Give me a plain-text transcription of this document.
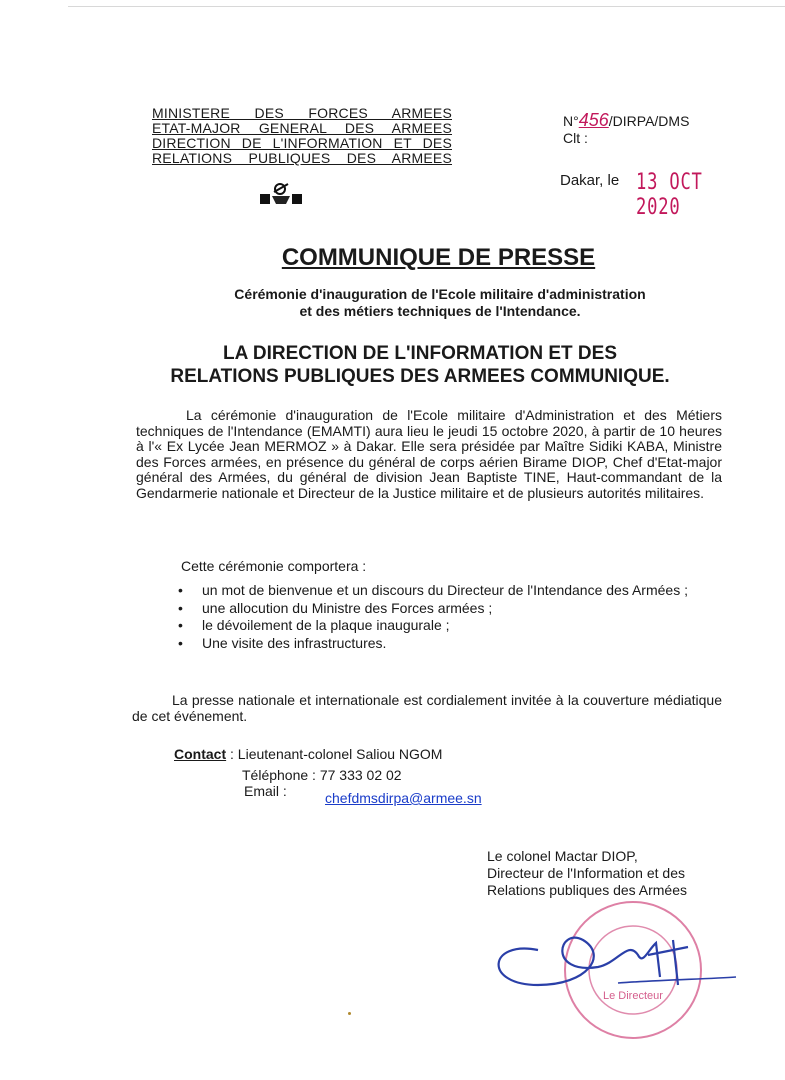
MINISTERE DES FORCES ARMEES
ETAT-MAJOR GENERAL DES ARMEES
DIRECTION DE L'INFORMATION ET DES
RELATIONS PUBLIQUES DES ARMEES
N°456/DIRPA/DMS
Clt :
Dakar, le 13 OCT 2020
COMMUNIQUE DE PRESSE
Cérémonie d'inauguration de l'Ecole militaire d'administration
et des métiers techniques de l'Intendance.
LA DIRECTION DE L'INFORMATION ET DES
RELATIONS PUBLIQUES DES ARMEES COMMUNIQUE.
La cérémonie d'inauguration de l'Ecole militaire d'Administration et des Métiers techniques de l'Intendance (EMAMTI) aura lieu le jeudi 15 octobre 2020, à partir de 10 heures à l'« Ex Lycée Jean MERMOZ » à Dakar. Elle sera présidée par Maître Sidiki KABA, Ministre des Forces armées, en présence du général de corps aérien Birame DIOP, Chef d'Etat-major général des Armées, du général de division Jean Baptiste TINE, Haut-commandant de la Gendarmerie nationale et Directeur de la Justice militaire et de plusieurs autorités militaires.
Cette cérémonie comportera :
• un mot de bienvenue et un discours du Directeur de l'Intendance des Armées ;
• une allocution du Ministre des Forces armées ;
• le dévoilement de la plaque inaugurale ;
• Une visite des infrastructures.
La presse nationale et internationale est cordialement invitée à la couverture médiatique de cet événement.
Contact : Lieutenant-colonel Saliou NGOM
Téléphone : 77 333 02 02
Email :	chefdmsdirpa@armee.sn
Le colonel Mactar DIOP,
Directeur de l'Information et des
Relations publiques des Armées
Le Directeur
